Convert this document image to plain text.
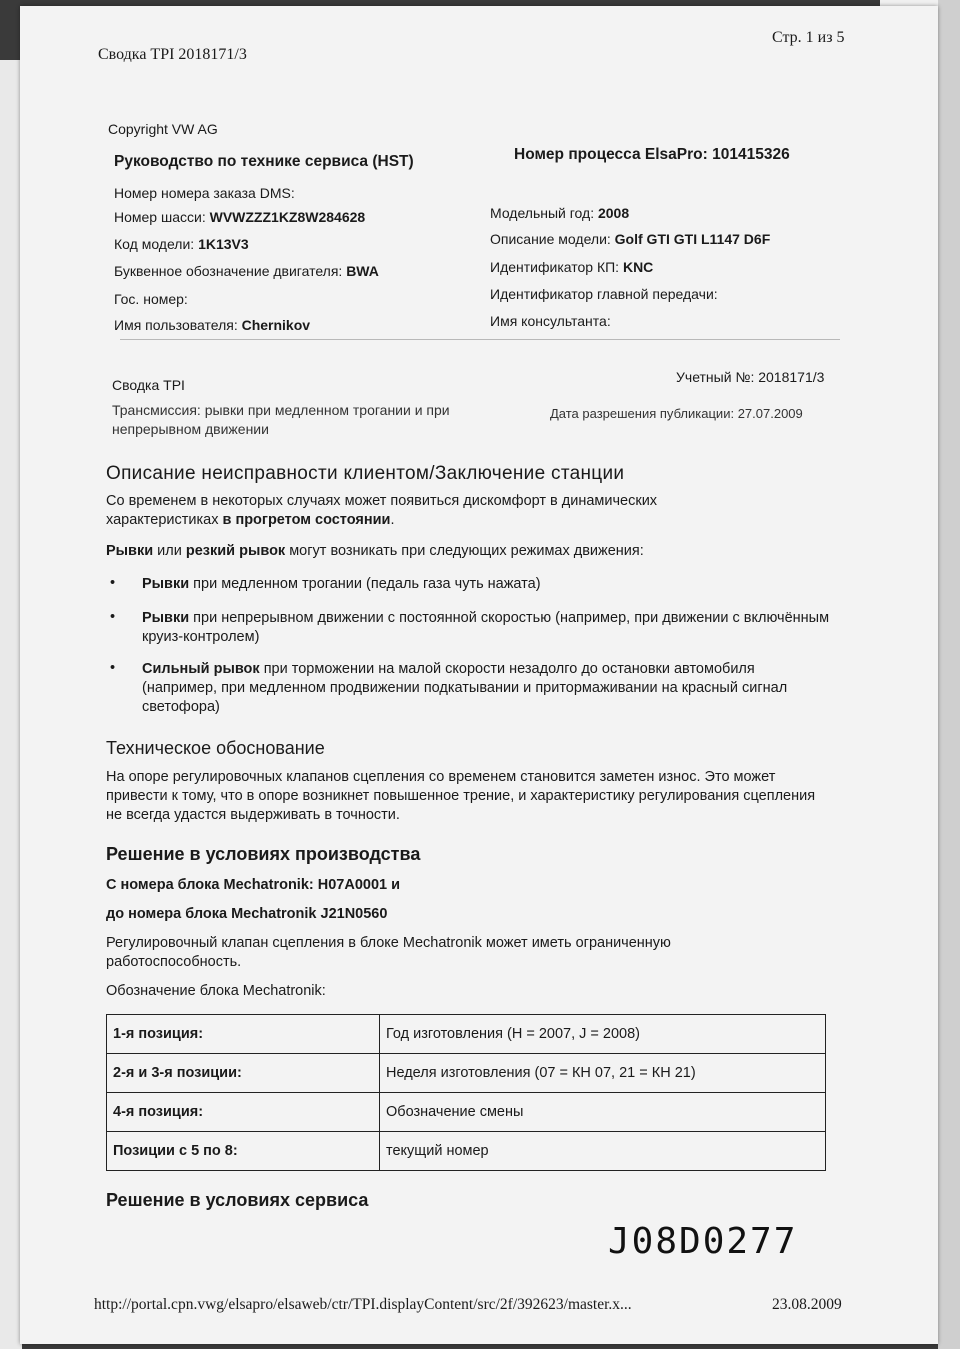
Сводка TPI 2018171/3
Стр. 1 из 5
Copyright VW AG
Руководство по технике сервиса (HST)
Номер номера заказа DMS:
Номер шасси: WVWZZZ1KZ8W284628
Код модели: 1K13V3
Буквенное обозначение двигателя: BWA
Гос. номер:
Имя пользователя: Chernikov
Номер процесса ElsaPro: 101415326
Модельный год: 2008
Описание модели: Golf GTI GTI L1147 D6F
Идентификатор КП: KNC
Идентификатор главной передачи:
Имя консультанта:
Сводка TPI	Учетный №: 2018171/3
Трансмиссия: рывки при медленном трогании и при
непрерывном движении
Дата разрешения публикации: 27.07.2009
Описание неисправности клиентом/Заключение станции
Со временем в некоторых случаях может появиться дискомфорт в динамических
характеристиках в прогретом состоянии.
Рывки или резкий рывок могут возникать при следующих режимах движения:
• Рывки при медленном трогании (педаль газа чуть нажата)
• Рывки при непрерывном движении с постоянной скоростью (например, при движении с включённым круиз-контролем)
• Сильный рывок при торможении на малой скорости незадолго до остановки автомобиля (например, при медленном продвижении подкатывании и притормаживании на красный сигнал светофора)
Техническое обоснование
На опоре регулировочных клапанов сцепления со временем становится заметен износ. Это может привести к тому, что в опоре возникнет повышенное трение, и характеристику регулирования сцепления не всегда удастся выдерживать в точности.
Решение в условиях производства
С номера блока Mechatronik: H07A0001 и
до номера блока Mechatronik J21N0560
Регулировочный клапан сцепления в блоке Mechatronik может иметь ограниченную работоспособность.
Обозначение блока Mechatronik:
1-я позиция:	Год изготовления (H = 2007, J = 2008)
2-я и 3-я позиции:	Неделя изготовления (07 = КН 07, 21 = КН 21)
4-я позиция:	Обозначение смены
Позиции с 5 по 8:	текущий номер
Решение в условиях сервиса
J08D0277
http://portal.cpn.vwg/elsapro/elsaweb/ctr/TPI.displayContent/src/2f/392623/master.x...	23.08.2009
